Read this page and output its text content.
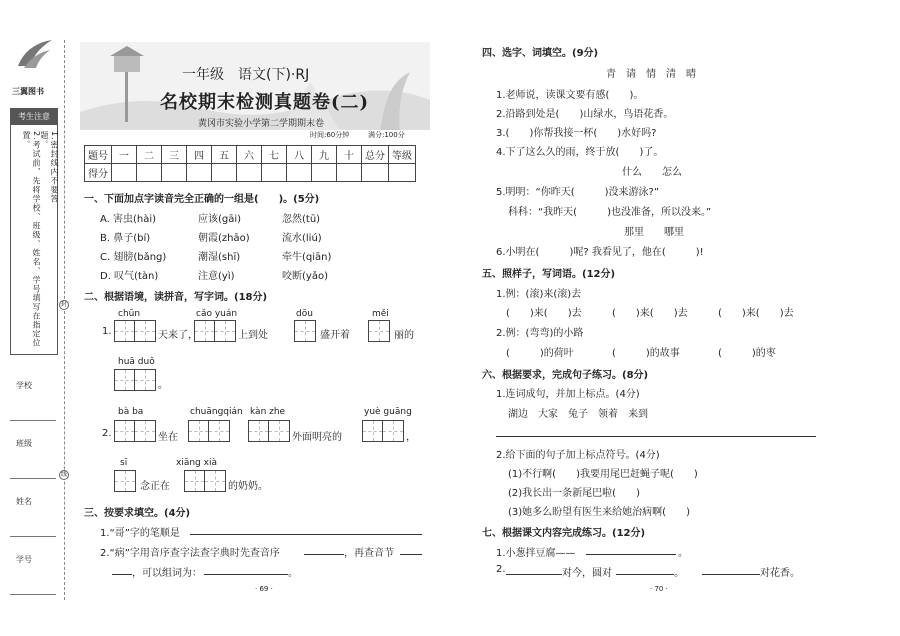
三翼图书
考生注意
1.密封线内不要答题。
2.考试前，先将学校、班级、姓名、学号填写在指定位置。
学校
班级
姓名
学号
封
线
一年级　语文(下)·RJ
名校期末检测真题卷(二)
黄冈市实验小学第二学期期末卷
时间:60分钟	满分:100分
题号	一	二	三	四	五	六	七	八	九	十	总分	等级
得分												
一、下面加点字读音完全正确的一组是(　　)。(5分)
A. 害虫(hài)	应该(gāi)	忽然(tū)
B. 鼻子(bí)	朝霞(zhāo)	流水(liú)
C. 翅膀(bǎng)	潮湿(shī)	牵牛(qiān)
D. 叹气(tàn)	注意(yì)	咬断(yǎo)
二、根据语境，读拼音，写字词。(18分)
chūn	cǎo yuán	dōu	měi
1.	天来了，	上到处	盛开着	丽的
huā duǒ
。
bà ba	chuāngqián kàn zhe	yuè guāng
2.	坐在	外面明亮的	，
sī	xiāng xià
念正在	的奶奶。
三、按要求填空。(4分)
1.“哥”字的笔顺是
2.“病”字用音序查字法查字典时先查音序	，再查音节
，可以组词为：	。
· 69 ·
四、选字、词填空。(9分)
青　请　情　清　晴
1.老师说，读课文要有感(　　)。
2.沿路到处是(　　)山绿水，鸟语花香。
3.(　　)你帮我接一杯(　　)水好吗?
4.下了这么久的雨，终于放(　　)了。
什么　　怎么
5.明明：“你昨天(　　　)没来游泳?”
科科：“我昨天(　　　)也没准备，所以没来。”
那里　　哪里
6.小明在(　　　)呢? 我看见了，他在(　　　)!
五、照样子，写词语。(12分)
1.例：(滚)来(滚)去
(　　)来(　　)去	(　　)来(　　)去	(　　)来(　　)去
2.例：(弯弯)的小路
(　　　)的荷叶	(　　　)的故事	(　　　)的枣
六、根据要求，完成句子练习。(8分)
1.连词成句，并加上标点。(4分)
湖边　大家　兔子　领着　来到
2.给下面的句子加上标点符号。(4分)
(1)不行啊(　　)我要用尾巴赶蝇子呢(　　)
(2)我长出一条新尾巴啦(　　)
(3)她多么盼望有医生来给她治病啊(　　)
七、根据课文内容完成练习。(12分)
1.小葱拌豆腐——	。
2.	对今，圆对	。	对花香。
· 70 ·
